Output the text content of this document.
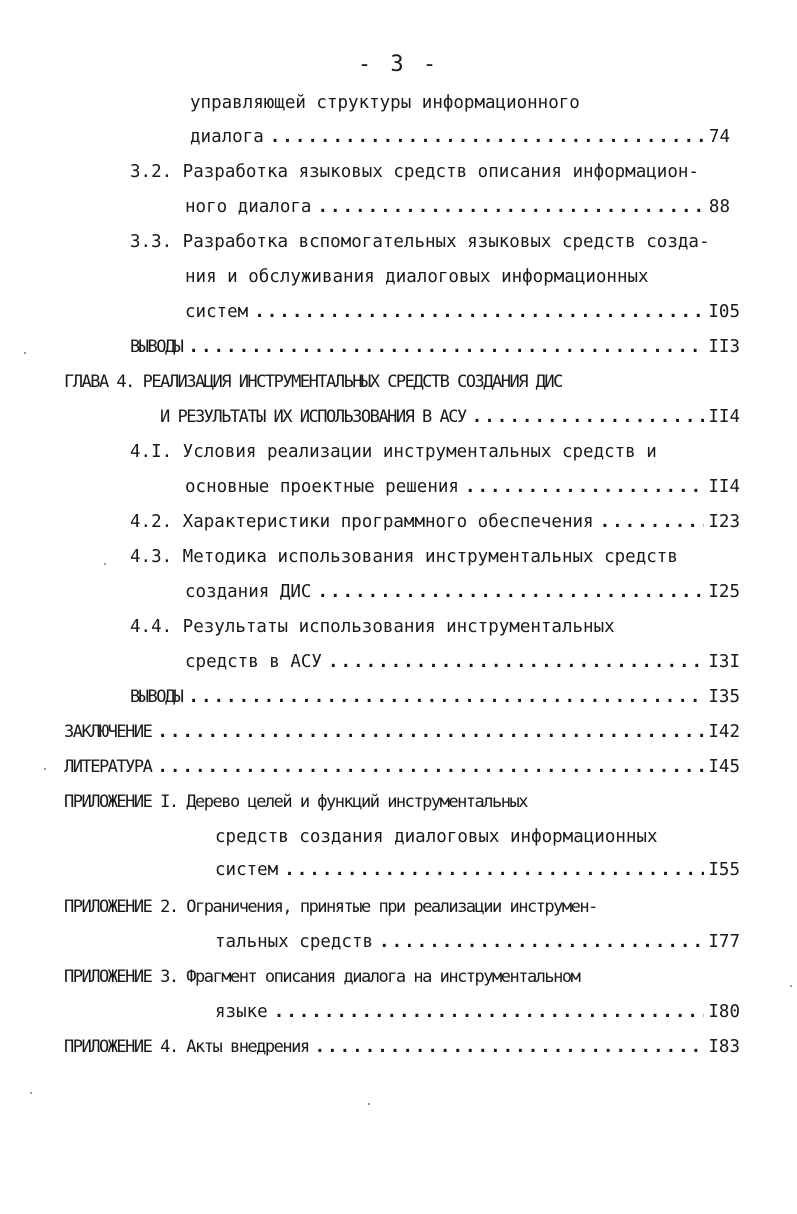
- 3 -
управляющей структуры информационного
диалога .....	74
3.2. Разработка языковых средств описания информацион-
ного диалога .....	88
3.3. Разработка вспомогательных языковых средств созда-
ния и обслуживания диалоговых информационных
систем .....	I05
ВЫВОДЫ .....	II3
ГЛАВА 4. РЕАЛИЗАЦИЯ ИНСТРУМЕНТАЛЬНЫХ СРЕДСТВ СОЗДАНИЯ ДИС
И РЕЗУЛЬТАТЫ ИХ ИСПОЛЬЗОВАНИЯ В АСУ .....	II4
4.I. Условия реализации инструментальных средств и
основные проектные решения .....	II4
4.2. Характеристики программного обеспечения .....	I23
4.3. Методика использования инструментальных средств
создания ДИС .....	I25
4.4. Результаты использования инструментальных
средств в АСУ .....	I3I
ВЫВОДЫ .....	I35
ЗАКЛЮЧЕНИЕ .....	I42
ЛИТЕРАТУРА .....	I45
ПРИЛОЖЕНИЕ I. Дерево целей и функций инструментальных
средств создания диалоговых информационных
систем .....	I55
ПРИЛОЖЕНИЕ 2. Ограничения, принятые при реализации инструмен-
тальных средств .....	I77
ПРИЛОЖЕНИЕ 3. Фрагмент описания диалога на инструментальном
языке .....	I80
ПРИЛОЖЕНИЕ 4. Акты внедрения .....	I83
